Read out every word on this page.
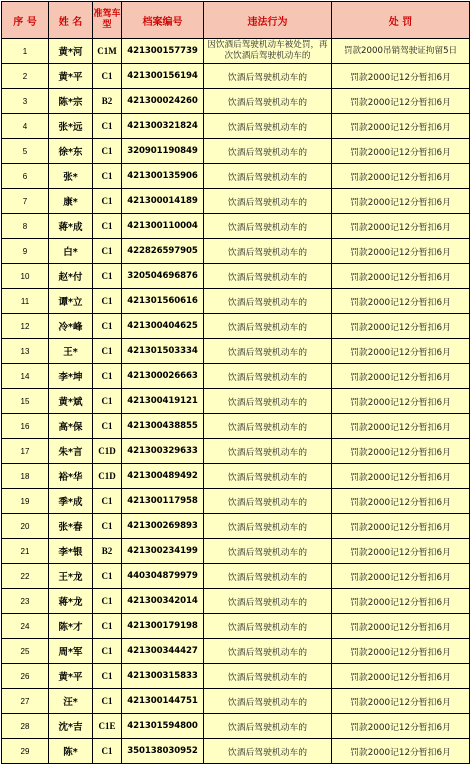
序 号	姓 名	准驾车型	档案编号	违法行为	处 罚
1	黄*河	C1M	421300157739	因饮酒后驾驶机动车被处罚，再次饮酒后驾驶机动车的	罚款2000吊销驾驶证拘留5日
2	黄*平	C1	421300156194	饮酒后驾驶机动车的	罚款2000记12分暂扣6月
3	陈*宗	B2	421300024260	饮酒后驾驶机动车的	罚款2000记12分暂扣6月
4	张*远	C1	421300321824	饮酒后驾驶机动车的	罚款2000记12分暂扣6月
5	徐*东	C1	320901190849	饮酒后驾驶机动车的	罚款2000记12分暂扣6月
6	张*	C1	421300135906	饮酒后驾驶机动车的	罚款2000记12分暂扣6月
7	康*	C1	421300014189	饮酒后驾驶机动车的	罚款2000记12分暂扣6月
8	蒋*成	C1	421300110004	饮酒后驾驶机动车的	罚款2000记12分暂扣6月
9	白*	C1	422826597905	饮酒后驾驶机动车的	罚款2000记12分暂扣6月
10	赵*付	C1	320504696876	饮酒后驾驶机动车的	罚款2000记12分暂扣6月
11	谭*立	C1	421301560616	饮酒后驾驶机动车的	罚款2000记12分暂扣6月
12	冷*峰	C1	421300404625	饮酒后驾驶机动车的	罚款2000记12分暂扣6月
13	王*	C1	421301503334	饮酒后驾驶机动车的	罚款2000记12分暂扣6月
14	李*坤	C1	421300026663	饮酒后驾驶机动车的	罚款2000记12分暂扣6月
15	黄*斌	C1	421300419121	饮酒后驾驶机动车的	罚款2000记12分暂扣6月
16	高*保	C1	421300438855	饮酒后驾驶机动车的	罚款2000记12分暂扣6月
17	朱*言	C1D	421300329633	饮酒后驾驶机动车的	罚款2000记12分暂扣6月
18	裕*华	C1D	421300489492	饮酒后驾驶机动车的	罚款2000记12分暂扣6月
19	季*成	C1	421300117958	饮酒后驾驶机动车的	罚款2000记12分暂扣6月
20	张*春	C1	421300269893	饮酒后驾驶机动车的	罚款2000记12分暂扣6月
21	李*银	B2	421300234199	饮酒后驾驶机动车的	罚款2000记12分暂扣6月
22	王*龙	C1	440304879979	饮酒后驾驶机动车的	罚款2000记12分暂扣6月
23	蒋*龙	C1	421300342014	饮酒后驾驶机动车的	罚款2000记12分暂扣6月
24	陈*才	C1	421300179198	饮酒后驾驶机动车的	罚款2000记12分暂扣6月
25	周*军	C1	421300344427	饮酒后驾驶机动车的	罚款2000记12分暂扣6月
26	黄*平	C1	421300315833	饮酒后驾驶机动车的	罚款2000记12分暂扣6月
27	汪*	C1	421300144751	饮酒后驾驶机动车的	罚款2000记12分暂扣6月
28	沈*吉	C1E	421301594800	饮酒后驾驶机动车的	罚款2000记12分暂扣6月
29	陈*	C1	350138030952	饮酒后驾驶机动车的	罚款2000记12分暂扣6月
